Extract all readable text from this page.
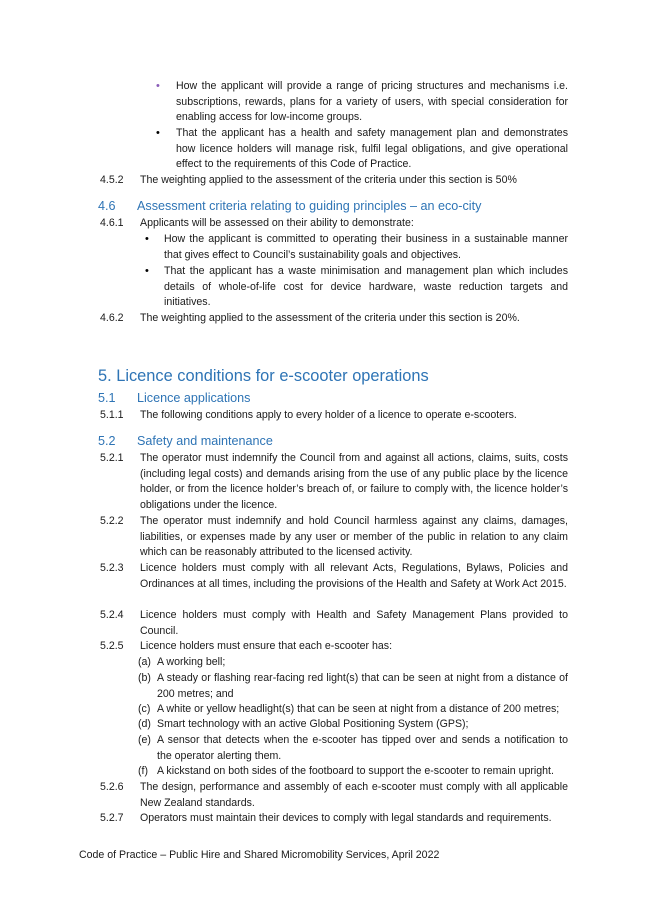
• How the applicant will provide a range of pricing structures and mechanisms i.e. subscriptions, rewards, plans for a variety of users, with special consideration for enabling access for low-income groups.
• That the applicant has a health and safety management plan and demonstrates how licence holders will manage risk, fulfil legal obligations, and give operational effect to the requirements of this Code of Practice.
4.5.2 The weighting applied to the assessment of the criteria under this section is 50%
4.6 Assessment criteria relating to guiding principles – an eco-city
4.6.1 Applicants will be assessed on their ability to demonstrate:
• How the applicant is committed to operating their business in a sustainable manner that gives effect to Council’s sustainability goals and objectives.
• That the applicant has a waste minimisation and management plan which includes details of whole-of-life cost for device hardware, waste reduction targets and initiatives.
4.6.2 The weighting applied to the assessment of the criteria under this section is 20%.
5. Licence conditions for e-scooter operations
5.1 Licence applications
5.1.1 The following conditions apply to every holder of a licence to operate e-scooters.
5.2 Safety and maintenance
5.2.1 The operator must indemnify the Council from and against all actions, claims, suits, costs (including legal costs) and demands arising from the use of any public place by the licence holder, or from the licence holder’s breach of, or failure to comply with, the licence holder’s obligations under the licence.
5.2.2 The operator must indemnify and hold Council harmless against any claims, damages, liabilities, or expenses made by any user or member of the public in relation to any claim which can be reasonably attributed to the licensed activity.
5.2.3 Licence holders must comply with all relevant Acts, Regulations, Bylaws, Policies and Ordinances at all times, including the provisions of the Health and Safety at Work Act 2015.
5.2.4 Licence holders must comply with Health and Safety Management Plans provided to Council.
5.2.5 Licence holders must ensure that each e-scooter has:
(a) A working bell;
(b) A steady or flashing rear-facing red light(s) that can be seen at night from a distance of 200 metres; and
(c) A white or yellow headlight(s) that can be seen at night from a distance of 200 metres;
(d) Smart technology with an active Global Positioning System (GPS);
(e) A sensor that detects when the e-scooter has tipped over and sends a notification to the operator alerting them.
(f) A kickstand on both sides of the footboard to support the e-scooter to remain upright.
5.2.6 The design, performance and assembly of each e-scooter must comply with all applicable New Zealand standards.
5.2.7 Operators must maintain their devices to comply with legal standards and requirements.
Code of Practice – Public Hire and Shared Micromobility Services, April 2022
